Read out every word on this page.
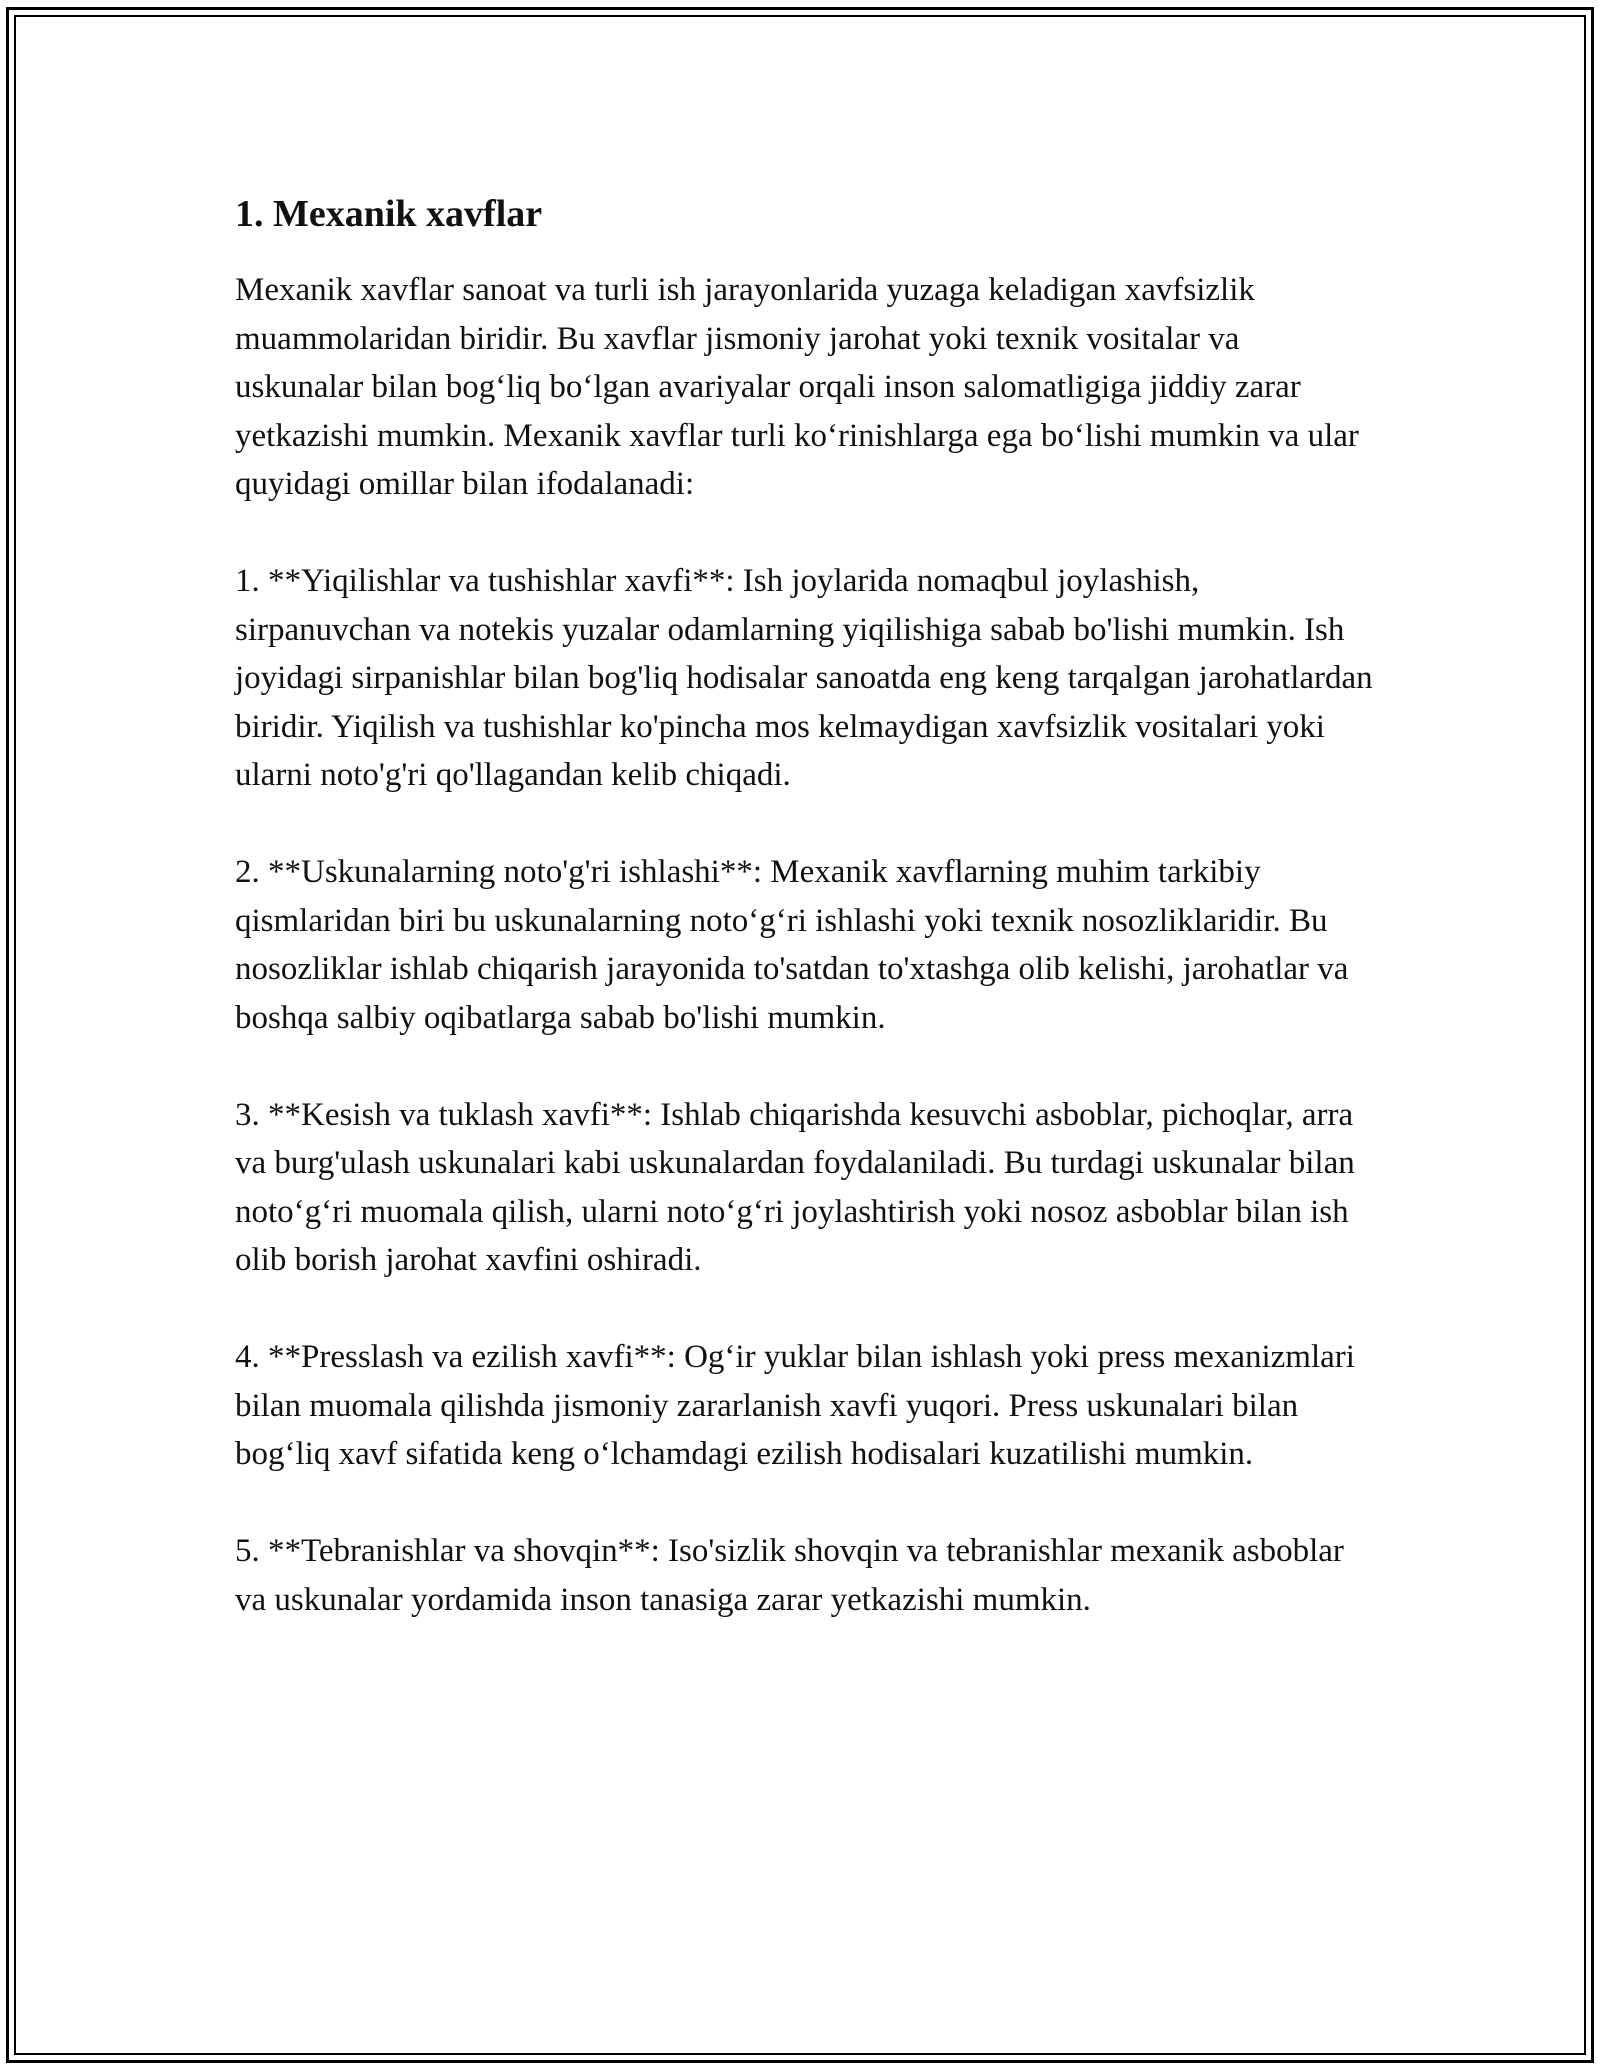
1. Mexanik xavflar

Mexanik xavflar sanoat va turli ish jarayonlarida yuzaga keladigan xavfsizlik muammolaridan biridir. Bu xavflar jismoniy jarohat yoki texnik vositalar va uskunalar bilan bog‘liq bo‘lgan avariyalar orqali inson salomatligiga jiddiy zarar yetkazishi mumkin. Mexanik xavflar turli ko‘rinishlarga ega bo‘lishi mumkin va ular quyidagi omillar bilan ifodalanadi:

1. **Yiqilishlar va tushishlar xavfi**: Ish joylarida nomaqbul joylashish, sirpanuvchan va notekis yuzalar odamlarning yiqilishiga sabab bo'lishi mumkin. Ish joyidagi sirpanishlar bilan bog'liq hodisalar sanoatda eng keng tarqalgan jarohatlardan biridir. Yiqilish va tushishlar ko'pincha mos kelmaydigan xavfsizlik vositalari yoki ularni noto'g'ri qo'llagandan kelib chiqadi.

2. **Uskunalarning noto'g'ri ishlashi**: Mexanik xavflarning muhim tarkibiy qismlaridan biri bu uskunalarning noto‘g‘ri ishlashi yoki texnik nosozliklaridir. Bu nosozliklar ishlab chiqarish jarayonida to'satdan to'xtashga olib kelishi, jarohatlar va boshqa salbiy oqibatlarga sabab bo'lishi mumkin.

3. **Kesish va tuklash xavfi**: Ishlab chiqarishda kesuvchi asboblar, pichoqlar, arra va burg'ulash uskunalari kabi uskunalardan foydalaniladi. Bu turdagi uskunalar bilan noto‘g‘ri muomala qilish, ularni noto‘g‘ri joylashtirish yoki nosoz asboblar bilan ish olib borish jarohat xavfini oshiradi.

4. **Presslash va ezilish xavfi**: Og‘ir yuklar bilan ishlash yoki press mexanizmlari bilan muomala qilishda jismoniy zararlanish xavfi yuqori. Press uskunalari bilan bog‘liq xavf sifatida keng o‘lchamdagi ezilish hodisalari kuzatilishi mumkin.

5. **Tebranishlar va shovqin**: Iso'sizlik shovqin va tebranishlar mexanik asboblar va uskunalar yordamida inson tanasiga zarar yetkazishi mumkin.
